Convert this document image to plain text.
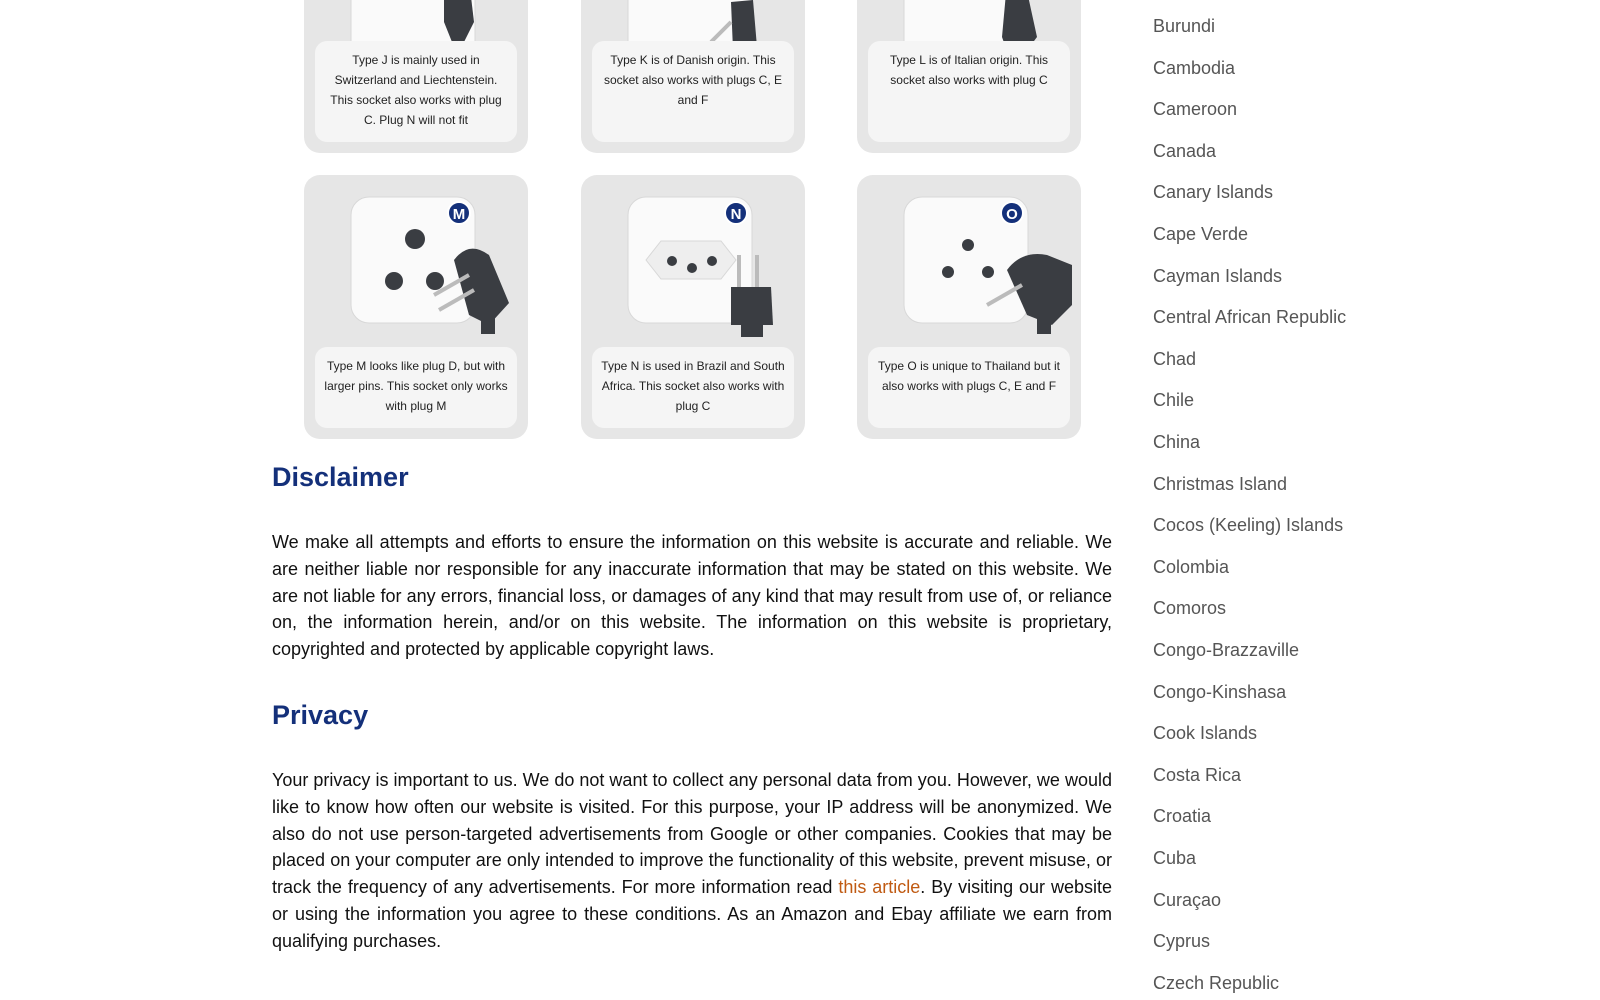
Type J is mainly used in Switzerland and Liechtenstein. This socket also works with plug C. Plug N will not fit
Type K is of Danish origin. This socket also works with plugs C, E and F
Type L is of Italian origin. This socket also works with plug C
M
Type M looks like plug D, but with larger pins. This socket only works with plug M
N
Type N is used in Brazil and South Africa. This socket also works with plug C
O
Type O is unique to Thailand but it also works with plugs C, E and F
Disclaimer

We make all attempts and efforts to ensure the information on this website is accurate and reliable. We are neither liable nor responsible for any inaccurate information that may be stated on this website. We are not liable for any errors, financial loss, or damages of any kind that may result from use of, or reliance on, the information herein, and/or on this website. The information on this website is proprietary, copyrighted and protected by applicable copyright laws.

Privacy

Your privacy is important to us. We do not want to collect any personal data from you. However, we would like to know how often our website is visited. For this purpose, your IP address will be anonymized. We also do not use person-targeted advertisements from Google or other companies. Cookies that may be placed on your computer are only intended to improve the functionality of this website, prevent misuse, or track the frequency of any advertisements. For more information read this article. By visiting our website or using the information you agree to these conditions. As an Amazon and Ebay affiliate we earn from qualifying purchases.

Burundi
Cambodia
Cameroon
Canada
Canary Islands
Cape Verde
Cayman Islands
Central African Republic
Chad
Chile
China
Christmas Island
Cocos (Keeling) Islands
Colombia
Comoros
Congo-Brazzaville
Congo-Kinshasa
Cook Islands
Costa Rica
Croatia
Cuba
Curaçao
Cyprus
Czech Republic
